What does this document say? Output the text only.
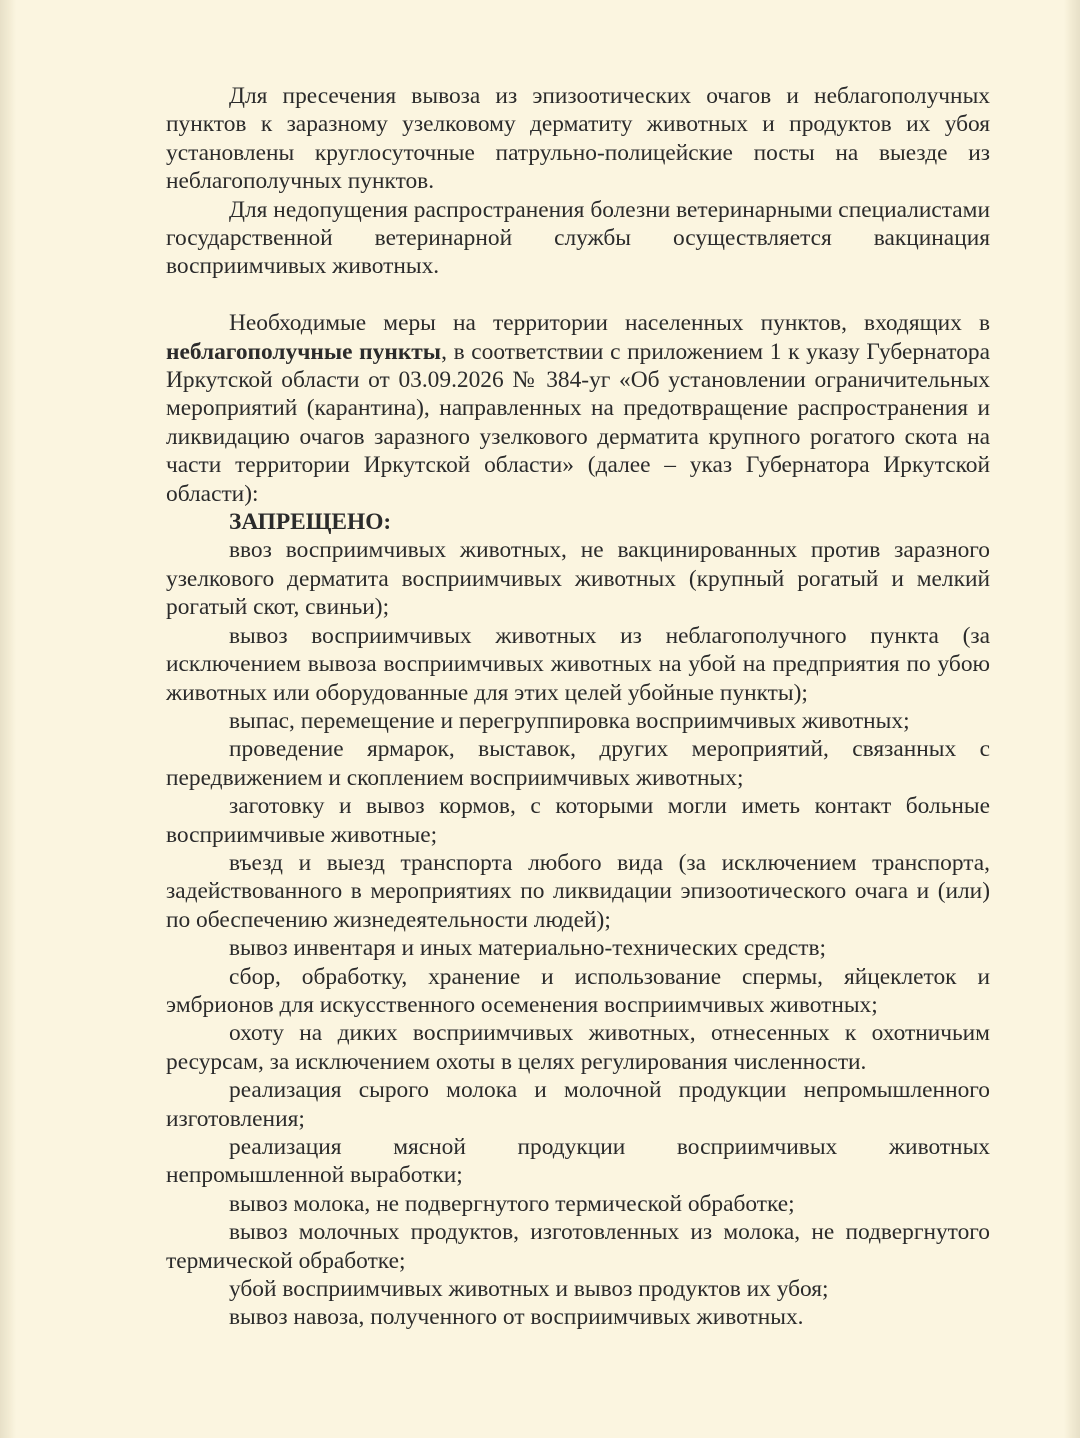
Для пресечения вывоза из эпизоотических очагов и неблагополучных пунктов к заразному узелковому дерматиту животных и продуктов их убоя установлены круглосуточные патрульно-полицейские посты на выезде из неблагополучных пунктов.

Для недопущения распространения болезни ветеринарными специалистами государственной ветеринарной службы осуществляется вакцинация восприимчивых животных.

Необходимые меры на территории населенных пунктов, входящих в неблагополучные пункты, в соответствии с приложением 1 к указу Губернатора Иркутской области от 03.09.2026 № 384-уг «Об установлении ограничительных мероприятий (карантина), направленных на предотвращение распространения и ликвидацию очагов заразного узелкового дерматита крупного рогатого скота на части территории Иркутской области» (далее – указ Губернатора Иркутской области):

ЗАПРЕЩЕНО:

ввоз восприимчивых животных, не вакцинированных против заразного узелкового дерматита восприимчивых животных (крупный рогатый и мелкий рогатый скот, свиньи);

вывоз восприимчивых животных из неблагополучного пункта (за исключением вывоза восприимчивых животных на убой на предприятия по убою животных или оборудованные для этих целей убойные пункты);

выпас, перемещение и перегруппировка восприимчивых животных;

проведение ярмарок, выставок, других мероприятий, связанных с передвижением и скоплением восприимчивых животных;

заготовку и вывоз кормов, с которыми могли иметь контакт больные восприимчивые животные;

въезд и выезд транспорта любого вида (за исключением транспорта, задействованного в мероприятиях по ликвидации эпизоотического очага и (или) по обеспечению жизнедеятельности людей);

вывоз инвентаря и иных материально-технических средств;

сбор, обработку, хранение и использование спермы, яйцеклеток и эмбрионов для искусственного осеменения восприимчивых животных;

охоту на диких восприимчивых животных, отнесенных к охотничьим ресурсам, за исключением охоты в целях регулирования численности.

реализация сырого молока и молочной продукции непромышленного изготовления;

реализация мясной продукции восприимчивых животных непромышленной выработки;

вывоз молока, не подвергнутого термической обработке;

вывоз молочных продуктов, изготовленных из молока, не подвергнутого термической обработке;

убой восприимчивых животных и вывоз продуктов их убоя;

вывоз навоза, полученного от восприимчивых животных.
